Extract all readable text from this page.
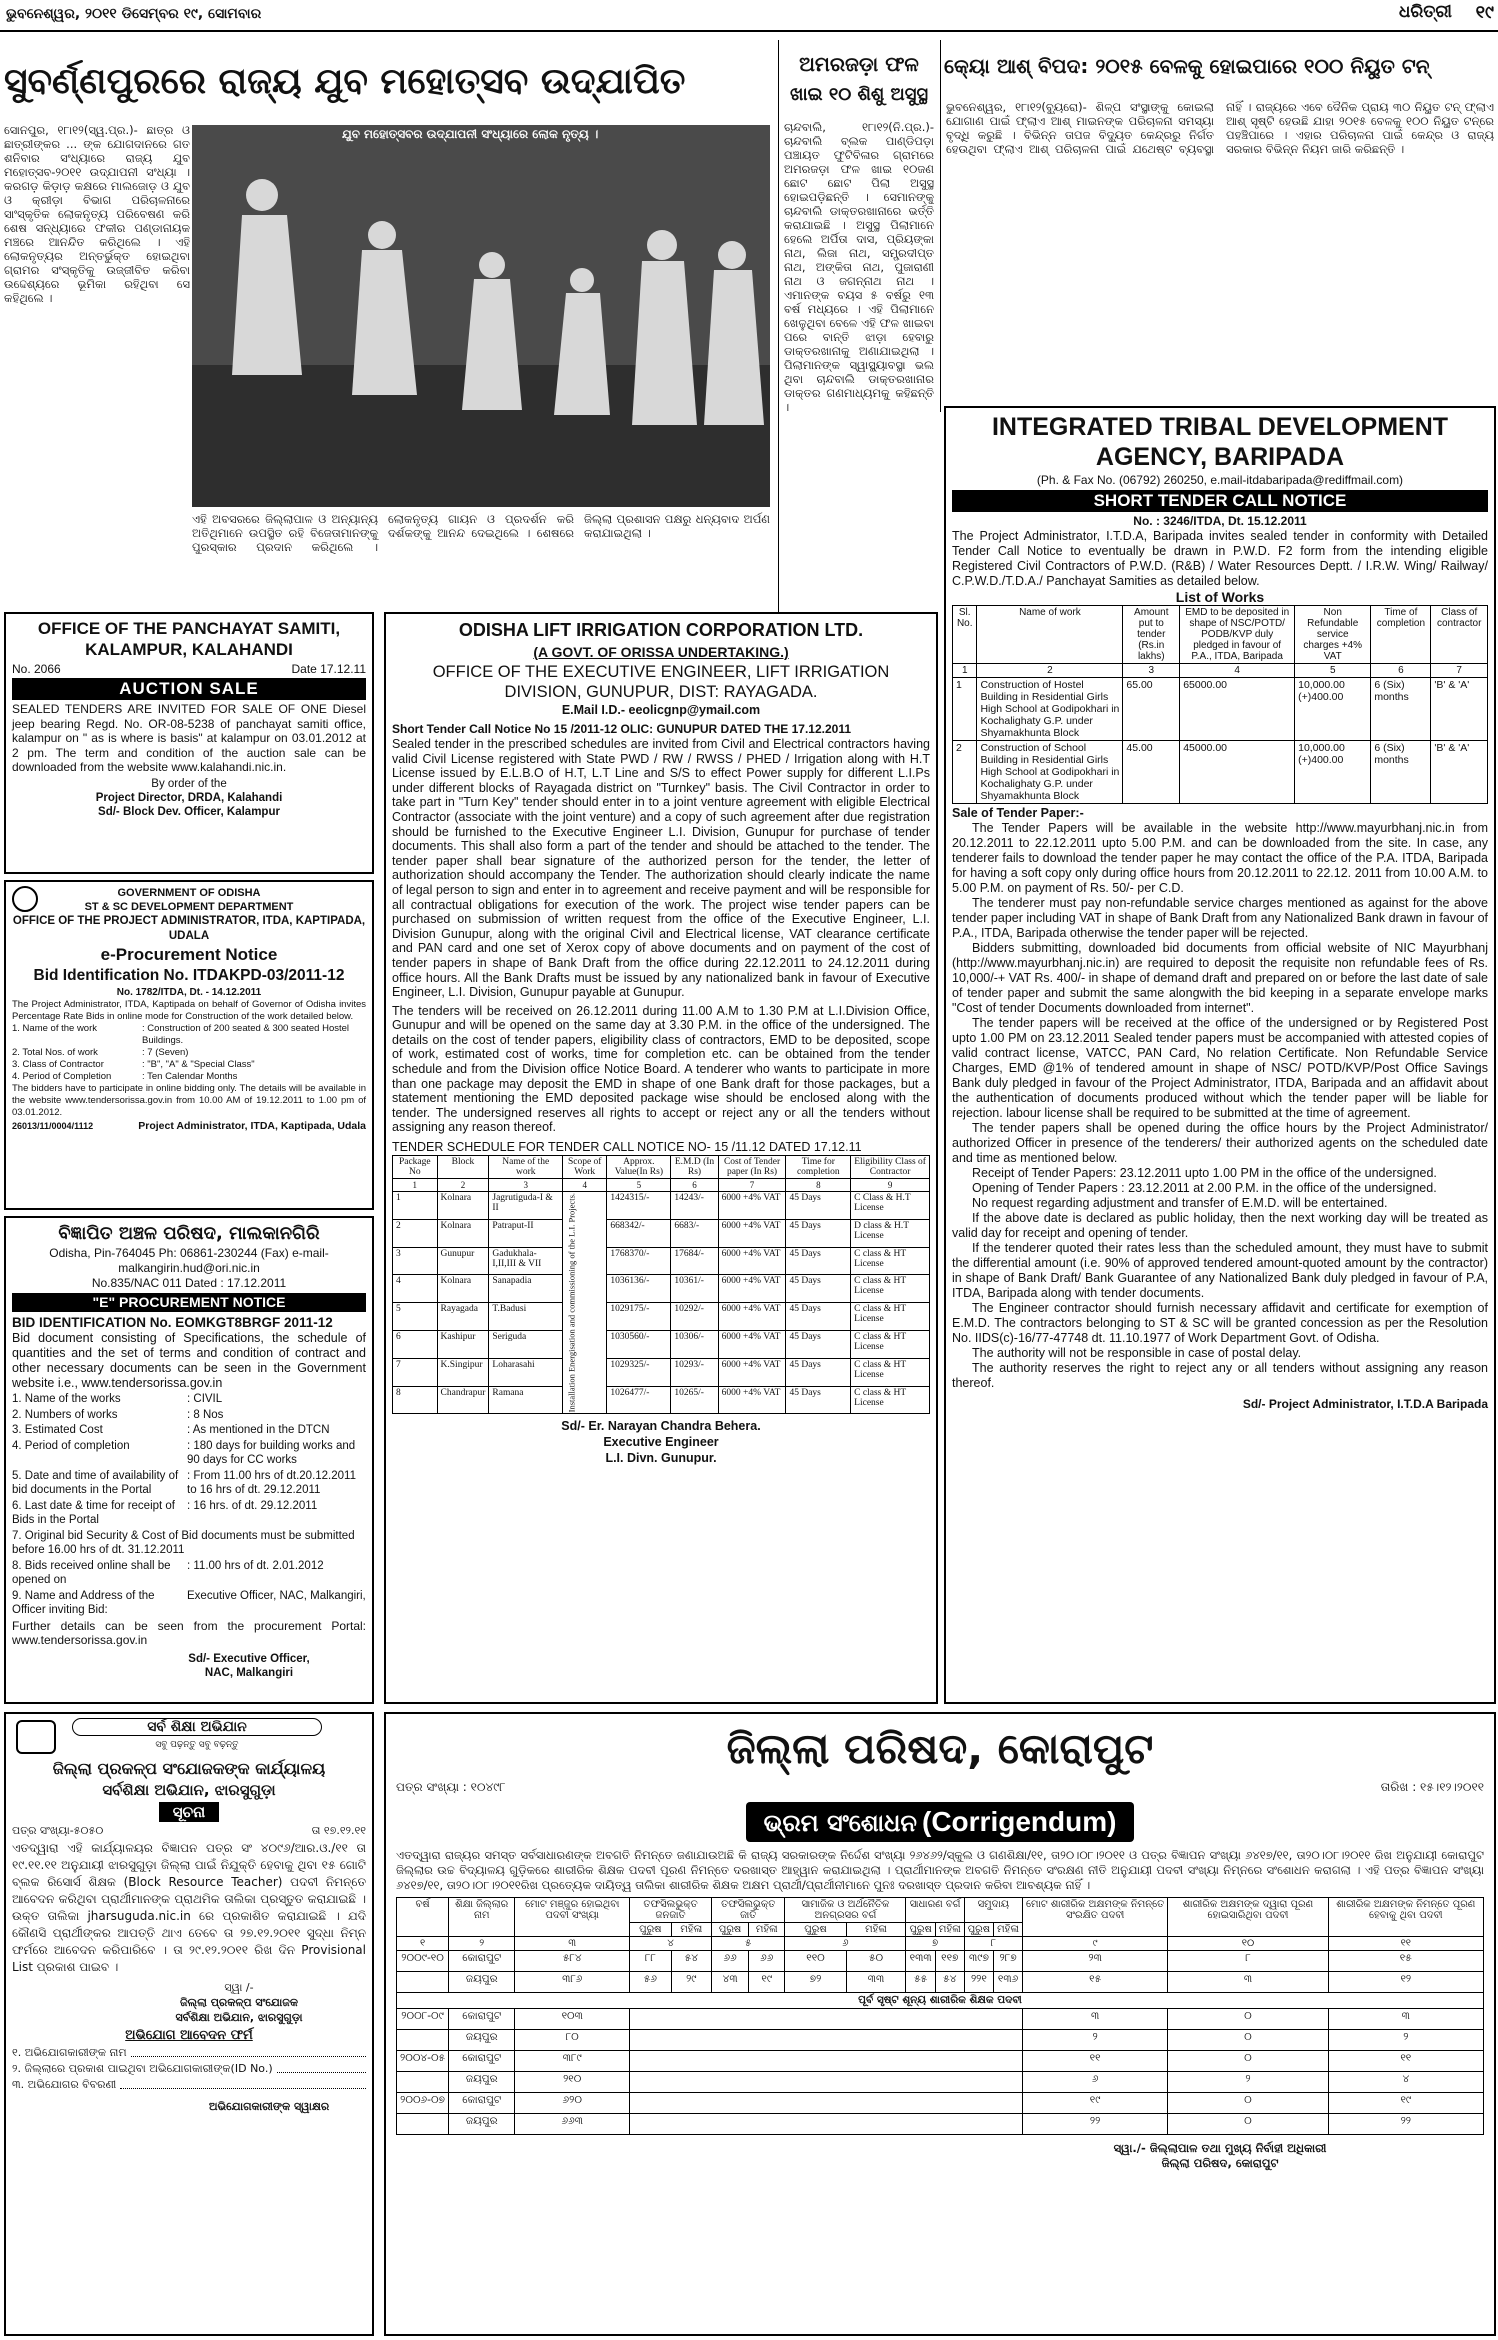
ଭୁବନେଶ୍ୱର, ୨୦୧୧ ଡିସେମ୍ବର ୧୯, ସୋମବାର	ଧରିତ୍ରୀ	୧୯
ସୁବର୍ଣ୍ଣପୁରରେ ରାଜ୍ୟ ଯୁବ ମହୋତ୍ସବ ଉଦ୍‌ଯାପିତ
ସୋନପୁର, ୧୮ା୧୨(ସ୍ୱ.ପ୍ର.)- ଛାତ୍ର ଓ ଛାତ୍ରୀଙ୍କର ... ଙ୍କ ଯୋଗଦାନରେ ଗତ ଶନିବାର ସଂଧ୍ୟାରେ ରାଜ୍ୟ ଯୁବ ମହୋତ୍ସବ-୨୦୧୧ ଉଦ୍‌ଯାପନୀ ସଂଧ୍ୟା । କରଗଡ଼ କିଡ଼ାଡ଼ କକ୍ଷରେ ମାଲଜୋଡ଼ ଓ ଯୁବ ଓ କ୍ରୀଡ଼ା ବିଭାଗ ପରିଚାଳନାରେ ସାଂସ୍କୃତିକ ଲୋକନୃତ୍ୟ ପରିବେଷଣ କରି ଶେଷ ସନ୍ଧ୍ୟାରେ ଫକୀର ପଣ୍ଡାନାୟକ ମଞ୍ଚରେ ଆନନ୍ଦିତ କରିଥିଲେ । ଏହି ଲୋକନୃତ୍ୟର ଅନ୍ତର୍ଭୁକ୍ତ ହୋଇଥିବା ଗ୍ରାମର ସଂସ୍କୃତିକୁ ଉଜ୍ଜୀବିତ କରିବା ଉଦ୍ଦେଶ୍ୟରେ ଭୂମିକା ରହିଥିବା ସେ କହିଥିଲେ ।
ଯୁବ ମହୋତ୍ସବର ଉଦ୍‌ଯାପନୀ ସଂଧ୍ୟାରେ ଲୋକ ନୃତ୍ୟ ।
ଏହି ଅବସରରେ ଜିଲ୍ଲାପାଳ ଓ ଅନ୍ୟାନ୍ୟ ଅତିଥିମାନେ ଉପସ୍ଥିତ ରହି ବିଜେତାମାନଙ୍କୁ ପୁରସ୍କାର ପ୍ରଦାନ କରିଥିଲେ । ଲୋକନୃତ୍ୟ ଗାୟନ ଓ ପ୍ରଦର୍ଶନ କରି ଦର୍ଶକଙ୍କୁ ଆନନ୍ଦ ଦେଇଥିଲେ । ଶେଷରେ ଜିଲ୍ଲା ପ୍ରଶାସନ ପକ୍ଷରୁ ଧନ୍ୟବାଦ ଅର୍ପଣ କରାଯାଇଥିଲା ।
ଅମରଜଡ଼ା ଫଳ
ଖାଇ ୧୦ ଶିଶୁ ଅସୁସ୍ଥ
ଚାନ୍ଦବାଲି, ୧୮ା୧୨(ନି.ପ୍ର.)- ଚାନ୍ଦବାଲି ବ୍ଲକ ପାଣ୍ଡିପଡ଼ା ପଞ୍ଚାୟତ ଫୁଟିବିଳାର ଗ୍ରାମରେ ଅମରଜଡ଼ା ଫଳ ଖାଇ ୧୦ଜଣ ଛୋଟ ଛୋଟ ପିଲା ଅସୁସ୍ଥ ହୋଇପଡ଼ିଛନ୍ତି । ସେମାନଙ୍କୁ ଚାନ୍ଦବାଲି ଡାକ୍ତରଖାନାରେ ଭର୍ତ୍ତି କରାଯାଇଛି । ଅସୁସ୍ଥ ପିଲାମାନେ ହେଲେ ଅର୍ପିତା ଦାସ, ପ୍ରିୟଙ୍କା ନାଥ, ଲିଜା ନାଥ, ସମ୍ପ୍ରଦୀପ୍ତ ନାଥ, ଅଙ୍କିତା ନାଥ, ପୁଜାରାଣୀ ନାଥ ଓ ଜଗନ୍ନାଥ ନାଥ । ଏମାନଙ୍କ ବୟସ ୫ ବର୍ଷରୁ ୧୩ ବର୍ଷ ମଧ୍ୟରେ । ଏହି ପିଲାମାନେ ଖେଳୁଥିବା ବେଳେ ଏହି ଫଳ ଖାଇବା ପରେ ବାନ୍ତି ଝାଡ଼ା ହେବାରୁ ଡାକ୍ତରଖାନାକୁ ଅଣାଯାଇଥିଲା । ପିଲାମାନଙ୍କ ସ୍ୱାସ୍ଥ୍ୟାବସ୍ଥା ଭଲ ଥିବା ଚାନ୍ଦବାଲି ଡାକ୍ତରଖାନାର ଡାକ୍ତର ଗଣମାଧ୍ୟମକୁ କହିଛନ୍ତି ।
କ୍ୟୋ ଆଶ୍ ବିପଦ: ୨୦୧୫ ବେଳକୁ ହୋଇପାରେ ୧୦୦ ନିୟୁତ ଟନ୍
ଭୁବନେଶ୍ୱର, ୧୮ା୧୨(ବ୍ୟୁରୋ)- ଶିଳ୍ପ ସଂସ୍ଥାଙ୍କୁ କୋଇଲା ଯୋଗାଣ ପାଇଁ ଫ୍ଲାଏ ଆଶ୍ ମାଇନଙ୍କ ପରିଚାଳନା ସମସ୍ୟା ବୃଦ୍ଧି କରୁଛି । ବିଭିନ୍ନ ତାପଜ ବିଦ୍ୟୁତ କେନ୍ଦ୍ରରୁ ନିର୍ଗତ ହେଉଥିବା ଫ୍ଲାଏ ଆଶ୍ ପରିଚାଳନା ପାଇଁ ଯଥେଷ୍ଟ ବ୍ୟବସ୍ଥା ନାହିଁ । ରାଜ୍ୟରେ ଏବେ ଦୈନିକ ପ୍ରାୟ ୩୦ ନିୟୁତ ଟନ୍ ଫ୍ଲାଏ ଆଶ୍ ସୃଷ୍ଟି ହେଉଛି ଯାହା ୨୦୧୫ ବେଳକୁ ୧୦୦ ନିୟୁତ ଟନ୍‌ରେ ପହଞ୍ଚିପାରେ । ଏହାର ପରିଚାଳନା ପାଇଁ କେନ୍ଦ୍ର ଓ ରାଜ୍ୟ ସରକାର ବିଭିନ୍ନ ନିୟମ ଜାରି କରିଛନ୍ତି ।
INTEGRATED TRIBAL DEVELOPMENT
AGENCY, BARIPADA
(Ph. & Fax No. (06792) 260250, e.mail-itdabaripada@rediffmail.com)
SHORT TENDER CALL NOTICE
No. : 3246/ITDA, Dt. 15.12.2011
The Project Administrator, I.T.D.A, Baripada invites sealed tender in conformity with Detailed Tender Call Notice to eventually be drawn in P.W.D. F2 form from the intending eligible Registered Civil Contractors of P.W.D. (R&B) / Water Resources Deptt. / I.R.W. Wing/ Railway/ C.P.W.D./T.D.A./ Panchayat Samities as detailed below.
List of Works
Sl. No.	Name of work	Amount put to tender (Rs.in lakhs)	EMD to be deposited in shape of NSC/POTD/ PODB/KVP duly pledged in favour of P.A., ITDA, Baripada	Non Refundable service charges +4% VAT	Time of completion	Class of contractor
1	2	3	4	5	6	7
1	Construction of Hostel Building in Residential Girls High School at Godipokhari in Kochalighaty G.P. under Shyamakhunta Block	65.00	65000.00	10,000.00 (+)400.00	6 (Six) months	'B' & 'A'
2	Construction of School Building in Residential Girls High School at Godipokhari in Kochalighaty G.P. under Shyamakhunta Block	45.00	45000.00	10,000.00 (+)400.00	6 (Six) months	'B' & 'A'
Sale of Tender Paper:-
The Tender Papers will be available in the website http://www.mayurbhanj.nic.in from 20.12.2011 to 22.12.2011 upto 5.00 P.M. and can be downloaded from the site. In case, any tenderer fails to download the tender paper he may contact the office of the P.A. ITDA, Baripada for having a soft copy only during office hours from 20.12.2011 to 22.12. 2011 from 10.00 A.M. to 5.00 P.M. on payment of Rs. 50/- per C.D.
The tenderer must pay non-refundable service charges mentioned as against for the above tender paper including VAT in shape of Bank Draft from any Nationalized Bank drawn in favour of P.A., ITDA, Baripada otherwise the tender paper will be rejected.
Bidders submitting, downloaded bid documents from official website of NIC Mayurbhanj (http://www.mayurbhanj.nic.in) are required to deposit the requisite non refundable fees of Rs. 10,000/-+ VAT Rs. 400/- in shape of demand draft and prepared on or before the last date of sale of tender paper and submit the same alongwith the bid keeping in a separate envelope marks "Cost of tender Documents downloaded from internet".
The tender papers will be received at the office of the undersigned or by Registered Post upto 1.00 PM on 23.12.2011 Sealed tender papers must be accompanied with attested copies of valid contract license, VATCC, PAN Card, No relation Certificate. Non Refundable Service Charges, EMD @1% of tendered amount in shape of NSC/ POTD/KVP/Post Office Savings Bank duly pledged in favour of the Project Administrator, ITDA, Baripada and an affidavit about the authentication of documents produced without which the tender paper will be liable for rejection. labour license shall be required to be submitted at the time of agreement.
The tender papers shall be opened during the office hours by the Project Administrator/ authorized Officer in presence of the tenderers/ their authorized agents on the scheduled date and time as mentioned below.
Receipt of Tender Papers: 23.12.2011 upto 1.00 PM in the office of the undersigned.
Opening of Tender Papers : 23.12.2011 at 2.00 P.M. in the office of the undersigned.
No request regarding adjustment and transfer of E.M.D. will be entertained.
If the above date is declared as public holiday, then the next working day will be treated as valid day for receipt and opening of tender.
If the tenderer quoted their rates less than the scheduled amount, they must have to submit the differential amount (i.e. 90% of approved tendered amount-quoted amount by the contractor) in shape of Bank Draft/ Bank Guarantee of any Nationalized Bank duly pledged in favour of P.A, ITDA, Baripada along with tender documents.
The Engineer contractor should furnish necessary affidavit and certificate for exemption of E.M.D. The contractors belonging to ST & SC will be granted concession as per the Resolution No. IIDS(c)-16/77-47748 dt. 11.10.1977 of Work Department Govt. of Odisha.
The authority will not be responsible in case of postal delay.
The authority reserves the right to reject any or all tenders without assigning any reason thereof.
Sd/- Project Administrator, I.T.D.A Baripada
ODISHA LIFT IRRIGATION CORPORATION LTD.
(A GOVT. OF ORISSA UNDERTAKING.)
OFFICE OF THE EXECUTIVE ENGINEER, LIFT IRRIGATION DIVISION, GUNUPUR, DIST: RAYAGADA.
E.Mail I.D.- eeolicgnp@ymail.com
Short Tender Call Notice No 15 /2011-12 OLIC: GUNUPUR DATED THE 17.12.2011
Sealed tender in the prescribed schedules are invited from Civil and Electrical contractors having valid Civil License registered with State PWD / RW / RWSS / PHED / Irrigation along with H.T License issued by E.L.B.O of H.T, L.T Line and S/S to effect Power supply for different L.I.Ps under different blocks of Rayagada district on "Turnkey" basis. The Civil Contractor in order to take part in "Turn Key" tender should enter in to a joint venture agreement with eligible Electrical Contractor (associate with the joint venture) and a copy of such agreement after due registration should be furnished to the Executive Engineer L.I. Division, Gunupur for purchase of tender documents. This shall also form a part of the tender and should be attached to the tender. The tender paper shall bear signature of the authorized person for the tender, the letter of authorization should accompany the Tender. The authorization should clearly indicate the name of legal person to sign and enter in to agreement and receive payment and will be responsible for all contractual obligations for execution of the work. The project wise tender papers can be purchased on submission of written request from the office of the Executive Engineer, L.I. Division Gunupur, along with the original Civil and Electrical license, VAT clearance certificate and PAN card and one set of Xerox copy of above documents and on payment of the cost of tender papers in shape of Bank Draft from the office during 22.12.2011 to 24.12.2011 during office hours. All the Bank Drafts must be issued by any nationalized bank in favour of Executive Engineer, L.I. Division, Gunupur payable at Gunupur.
The tenders will be received on 26.12.2011 during 11.00 A.M to 1.30 P.M at L.I.Division Office, Gunupur and will be opened on the same day at 3.30 P.M. in the office of the undersigned. The details on the cost of tender papers, eligibility class of contractors, EMD to be deposited, scope of work, estimated cost of works, time for completion etc. can be obtained from the tender schedule and from the Division office Notice Board. A tenderer who wants to participate in more than one package may deposit the EMD in shape of one Bank draft for those packages, but a statement mentioning the EMD deposited package wise should be enclosed along with the tender. The undersigned reserves all rights to accept or reject any or all the tenders without assigning any reason thereof.
TENDER SCHEDULE FOR TENDER CALL NOTICE NO- 15 /11.12 DATED 17.12.11
Package No	Block	Name of the work	Scope of Work	Approx. Value(In Rs)	E.M.D (In Rs)	Cost of Tender paper (In Rs)	Time for completion	Eligibility Class of Contractor
1	2	3	4	5	6	7	8	9
1	Kolnara	Jagrutiguda-I & II	Installation Energisation and commissioning of the L.I. Projects.	1424315/-	14243/-	6000 +4% VAT	45 Days	C Class & H.T License
2	Kolnara	Patraput-II		668342/-	6683/-	6000 +4% VAT	45 Days	D class & H.T License
3	Gunupur	Gadukhala-I,II,III & VII		1768370/-	17684/-	6000 +4% VAT	45 Days	C class & HT License
4	Kolnara	Sanapadia		1036136/-	10361/-	6000 +4% VAT	45 Days	C class & HT License
5	Rayagada	T.Badusi		1029175/-	10292/-	6000 +4% VAT	45 Days	C class & HT License
6	Kashipur	Seriguda		1030560/-	10306/-	6000 +4% VAT	45 Days	C class & HT License
7	K.Singipur	Loharasahi		1029325/-	10293/-	6000 +4% VAT	45 Days	C class & HT License
8	Chandrapur	Ramana		1026477/-	10265/-	6000 +4% VAT	45 Days	C class & HT License
Sd/- Er. Narayan Chandra Behera.
Executive Engineer
L.I. Divn. Gunupur.
OFFICE OF THE PANCHAYAT SAMITI, KALAMPUR, KALAHANDI
No. 2066	Date 17.12.11
AUCTION SALE
SEALED TENDERS ARE INVITED FOR SALE OF ONE Diesel jeep bearing Regd. No. OR-08-5238 of panchayat samiti office, kalampur on " as is where is basis" at kalampur on 03.01.2012 at 2 pm. The term and condition of the auction sale can be downloaded from the website www.kalahandi.nic.in.
By order of the
Project Director, DRDA, Kalahandi
Sd/- Block Dev. Officer, Kalampur
GOVERNMENT OF ODISHA
ST & SC DEVELOPMENT DEPARTMENT
OFFICE OF THE PROJECT ADMINISTRATOR, ITDA, KAPTIPADA, UDALA
e-Procurement Notice
Bid Identification No. ITDAKPD-03/2011-12
No. 1782/ITDA, Dt. - 14.12.2011
The Project Administrator, ITDA, Kaptipada on behalf of Governor of Odisha invites Percentage Rate Bids in online mode for Construction of the work detailed below.
1. Name of the work	: Construction of 200 seated & 300 seated Hostel Buildings.
2. Total Nos. of work	: 7 (Seven)
3. Class of Contractor	: "B", "A" & "Special Class"
4. Period of Completion	: Ten Calendar Months
The bidders have to participate in online bidding only. The details will be available in the website www.tendersorissa.gov.in from 10.00 AM of 19.12.2011 to 1.00 pm of 03.01.2012.
26013/11/0004/1112	Project Administrator, ITDA, Kaptipada, Udala
ବିଜ୍ଞାପିତ ଅଞ୍ଚଳ ପରିଷଦ, ମାଲକାନଗିରି
Odisha, Pin-764045 Ph: 06861-230244 (Fax) e-mail- malkangirin.hud@ori.nic.in
No.835/NAC 011 Dated : 17.12.2011
"E" PROCUREMENT NOTICE
BID IDENTIFICATION No. EOMKGT8BRGF 2011-12
Bid document consisting of Specifications, the schedule of quantities and the set of terms and condition of contract and other necessary documents can be seen in the Government website i.e., www.tendersorissa.gov.in
1. Name of the works	: CIVIL
2. Numbers of works	: 8 Nos
3. Estimated Cost	: As mentioned in the DTCN
4. Period of completion	: 180 days for building works and 90 days for CC works
5. Date and time of availability of bid documents in the Portal
: From 11.00 hrs of dt.20.12.2011 to 16 hrs of dt. 29.12.2011
6. Last date & time for receipt of Bids in the Portal
: 16 hrs. of dt. 29.12.2011
7. Original bid Security & Cost of Bid documents must be submitted before 16.00 hrs of dt. 31.12.2011
8. Bids received online shall be opened on
: 11.00 hrs of dt. 2.01.2012
9. Name and Address of the Officer inviting Bid:
Executive Officer, NAC, Malkangiri,
Further details can be seen from the procurement Portal: www.tendersorissa.gov.in
Sd/- Executive Officer,
NAC, Malkangiri
ସର୍ବ ଶିକ୍ଷା ଅଭିଯାନ
ସବୁ ପଢ଼ନ୍ତୁ ସବୁ ବଢ଼ନ୍ତୁ
ଜିଲ୍ଲା ପ୍ରକଳ୍ପ ସଂଯୋଜକଙ୍କ କାର୍ଯ୍ୟାଳୟ
ସର୍ବଶିକ୍ଷା ଅଭିଯାନ, ଝାରସୁଗୁଡ଼ା
ସୂଚନା
ପତ୍ର ସଂଖ୍ୟା-୫୦୫୦	ତା ୧୭.୧୨.୧୧
ଏତଦ୍ୱାରା ଏହି କାର୍ଯ୍ୟାଳୟର ବିଜ୍ଞାପନ ପତ୍ର ସଂ ୪୦୯୬/ଆର.ଓ./୧୧ ତା ୧୯.୧୧.୧୧ ଅନୁଯାୟୀ ଝାରସୁଗୁଡ଼ା ଜିଲ୍ଲା ପାଇଁ ନିଯୁକ୍ତି ହେବାକୁ ଥିବା ୧୫ ଗୋଟି ବ୍ଲକ ରିସୋର୍ସ ଶିକ୍ଷକ (Block Resource Teacher) ପଦବୀ ନିମନ୍ତେ ଆବେଦନ କରିଥିବା ପ୍ରାର୍ଥୀମାନଙ୍କ ପ୍ରାଥମିକ ତାଲିକା ପ୍ରସ୍ତୁତ କରାଯାଇଛି । ଉକ୍ତ ତାଲିକା jharsuguda.nic.in ରେ ପ୍ରକାଶିତ କରାଯାଇଛି । ଯଦି କୌଣସି ପ୍ରାର୍ଥୀଙ୍କର ଆପତ୍ତି ଥାଏ ତେବେ ତା ୨୭.୧୨.୨୦୧୧ ସୁଦ୍ଧା ନିମ୍ନ ଫର୍ମରେ ଆବେଦନ କରିପାରିବେ । ତା ୨୯.୧୨.୨୦୧୧ ରିଖ ଦିନ Provisional List ପ୍ରକାଶ ପାଇବ ।
ସ୍ୱା /-
ଜିଲ୍ଲା ପ୍ରକଳ୍ପ ସଂଯୋଜକ
ସର୍ବଶିକ୍ଷା ଅଭିଯାନ, ଝାରସୁଗୁଡ଼ା
ଅଭିଯୋଗ ଆବେଦନ ଫର୍ମ
୧. ଅଭିଯୋଗକାରୀଙ୍କ ନାମ
୨. ଜିଲ୍ଲାରେ ପ୍ରକାଶ ପାଇଥିବା ଅଭିଯୋଗକାରୀଙ୍କ(ID No.)
୩. ଅଭିଯୋଗର ବିବରଣୀ
ଅଭିଯୋଗକାରୀଙ୍କ ସ୍ୱାକ୍ଷର
ଜିଲ୍ଲା ପରିଷଦ, କୋରାପୁଟ
ପତ୍ର ସଂଖ୍ୟା : ୧୦୪୯୮	ତାରିଖ : ୧୫।୧୨।୨୦୧୧
ଭ୍ରମ ସଂଶୋଧନ (Corrigendum)
ଏତଦ୍ୱାରା ରାଜ୍ୟର ସମସ୍ତ ସର୍ବସାଧାରଣଙ୍କ ଅବଗତି ନିମନ୍ତେ ଜଣାଯାଉଅଛି କି ରାଜ୍ୟ ସରକାରଙ୍କ ନିର୍ଦ୍ଦେଶ ସଂଖ୍ୟା ୨୬୪୬୨/ସ୍କୁଲ ଓ ଗଣଶିକ୍ଷା/୧୧, ତା୨୦।୦୮।୨୦୧୧ ଓ ପତ୍ର ବିଜ୍ଞାପନ ସଂଖ୍ୟା ୬୪୧୭/୧୧, ତା୨୦।୦୮।୨୦୧୧ ରିଖ ଅନୁଯାୟୀ କୋରାପୁଟ ଜିଲ୍ଲାର ଉଚ୍ଚ ବିଦ୍ୟାଳୟ ଗୁଡ଼ିକରେ ଶାରୀରିକ ଶିକ୍ଷକ ପଦବୀ ପୂରଣ ନିମନ୍ତେ ଦରଖାସ୍ତ ଆହ୍ୱାନ କରାଯାଇଥିଲା । ପ୍ରାର୍ଥୀମାନଙ୍କ ଅବଗତି ନିମନ୍ତେ ସଂରକ୍ଷଣ ନୀତି ଅନୁଯାୟୀ ପଦବୀ ସଂଖ୍ୟା ନିମ୍ନରେ ସଂଶୋଧନ କରାଗଲା । ଏହି ପତ୍ର ବିଜ୍ଞାପନ ସଂଖ୍ୟା ୬୪୧୭/୧୧, ତା୨୦।୦୮।୨୦୧୧ରିଖ ପ୍ରତ୍ୟେକ ଦାୟିତ୍ୱ ତାଲିକା ଶାରୀରିକ ଶିକ୍ଷକ ଅକ୍ଷମ ପ୍ରାର୍ଥୀ/ପ୍ରାର୍ଥୀନୀମାନେ ପୁନଃ ଦରଖାସ୍ତ ପ୍ରଦାନ କରିବା ଆବଶ୍ୟକ ନାହିଁ ।
ବର୍ଷ	ଶିକ୍ଷା ଜିଲ୍ଲାର ନାମ	ମୋଟ ମଞ୍ଜୁର ହୋଇଥିବା ପଦବୀ ସଂଖ୍ୟା	ତଫସିଲଭୁକ୍ତ ଜନଜାତି		ତଫସିଲଭୁକ୍ତ ଜାତି		ସାମାଜିକ ଓ ଅର୍ଥନୈତିକ ଅନଗ୍ରସର ବର୍ଗ		ସାଧାରଣ ବର୍ଗ		ସମୁଦାୟ		ମୋଟ ଶାରୀରିକ ଅକ୍ଷମଙ୍କ ନିମନ୍ତେ ସଂରକ୍ଷିତ ପଦବୀ	ଶାରୀରିକ ଅକ୍ଷମଙ୍କ ଦ୍ୱାରା ପୂରଣ ହୋଇସାରିଥିବା ପଦବୀ	ଶାରୀରିକ ଅକ୍ଷମଙ୍କ ନିମନ୍ତେ ପୂରଣ ହେବାକୁ ଥିବା ପଦବୀ
			ପୁରୁଷ	ମହିଳା	ପୁରୁଷ	ମହିଳା	ପୁରୁଷ	ମହିଳା	ପୁରୁଷ	ମହିଳା	ପୁରୁଷ	ମହିଳା			
୧	୨	୩	୪		୫		୬		୭		୮		୯	୧୦	୧୧
୨୦୦୯-୧୦	କୋରାପୁଟ	୫୮୪	୮୮	୫୪	୬୬	୬୬	୧୧୦	୫୦	୧୩୩	୧୧୭	୩୯୭	୨୮୭	୨୩	୮	୧୫
	ଜୟପୁର	୩୮୬	୫୬	୨୯	୪୩	୧୯	୭୨	୩୩	୫୫	୫୪	୨୨୧	୧୩୬	୧୫	୩	୧୨
ପୂର୍ବ ସୃଷ୍ଟ ଶୂନ୍ୟ ଶାରୀରିକ ଶିକ୍ଷକ ପଦବୀ															
୨୦୦୮-୦୯	କୋରାପୁଟ	୧୦୩											୩	୦	୩
	ଜୟପୁର	୮୦											୨	୦	୨
୨୦୦୪-୦୫	କୋରାପୁଟ	୩୮୯											୧୧	୦	୧୧
	ଜୟପୁର	୨୧୦											୬	୨	୪
୨୦୦୬-୦୭	କୋରାପୁଟ	୬୨୦											୧୯	୦	୧୯
	ଜୟପୁର	୬୬୩											୨୨	୦	୨୨
ସ୍ୱା./- ଜିଲ୍ଲାପାଳ ତଥା ମୁଖ୍ୟ ନିର୍ବାହୀ ଅଧିକାରୀ
ଜିଲ୍ଲା ପରିଷଦ, କୋରାପୁଟ
